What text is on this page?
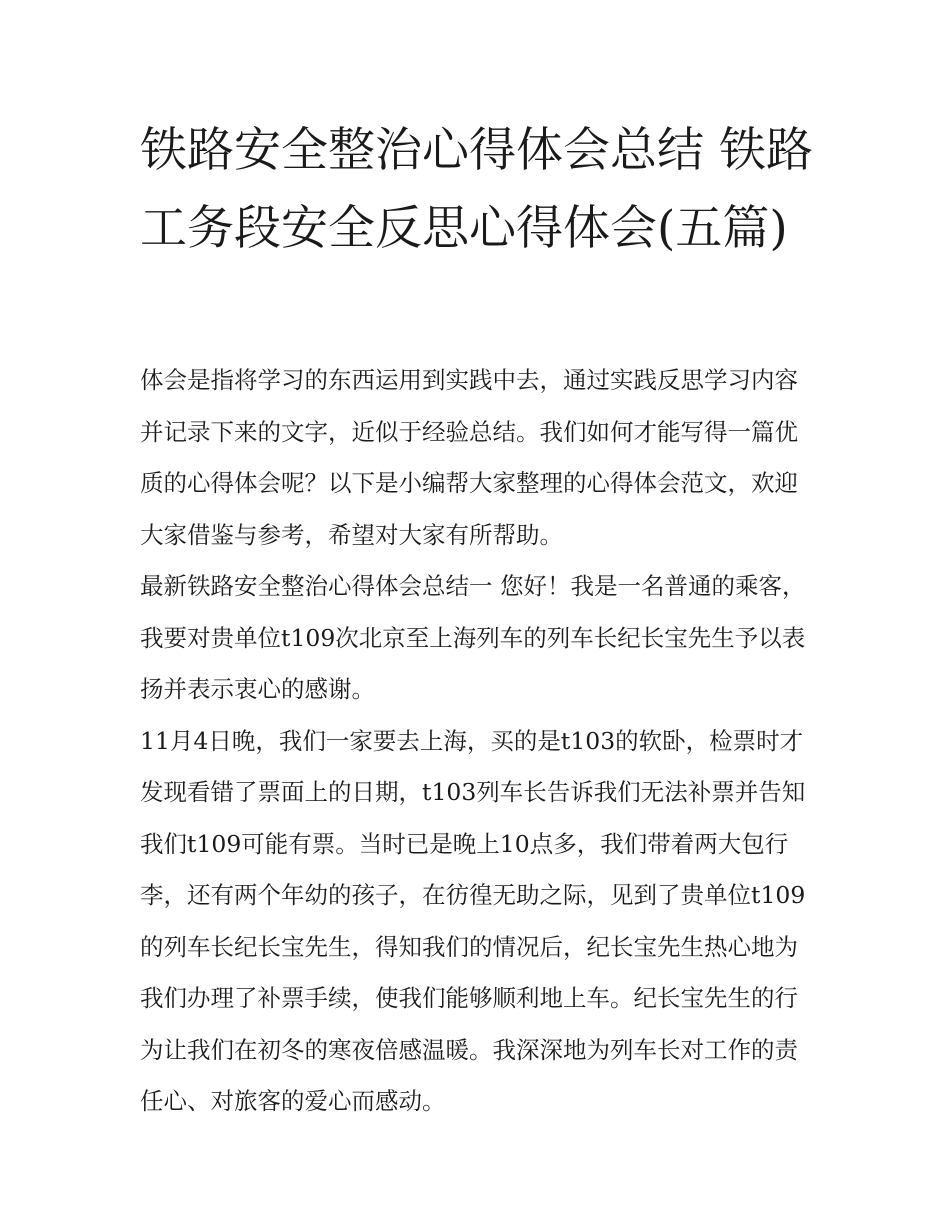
铁路安全整治心得体会总结 铁路工务段安全反思心得体会(五篇)

体会是指将学习的东西运用到实践中去，通过实践反思学习内容并记录下来的文字，近似于经验总结。我们如何才能写得一篇优质的心得体会呢？以下是小编帮大家整理的心得体会范文，欢迎大家借鉴与参考，希望对大家有所帮助。

最新铁路安全整治心得体会总结一 您好！我是一名普通的乘客，我要对贵单位t109次北京至上海列车的列车长纪长宝先生予以表扬并表示衷心的感谢。

11月4日晚，我们一家要去上海，买的是t103的软卧，检票时才发现看错了票面上的日期，t103列车长告诉我们无法补票并告知我们t109可能有票。当时已是晚上10点多，我们带着两大包行李，还有两个年幼的孩子，在彷徨无助之际，见到了贵单位t109的列车长纪长宝先生，得知我们的情况后，纪长宝先生热心地为我们办理了补票手续，使我们能够顺利地上车。纪长宝先生的行为让我们在初冬的寒夜倍感温暖。我深深地为列车长对工作的责任心、对旅客的爱心而感动。
